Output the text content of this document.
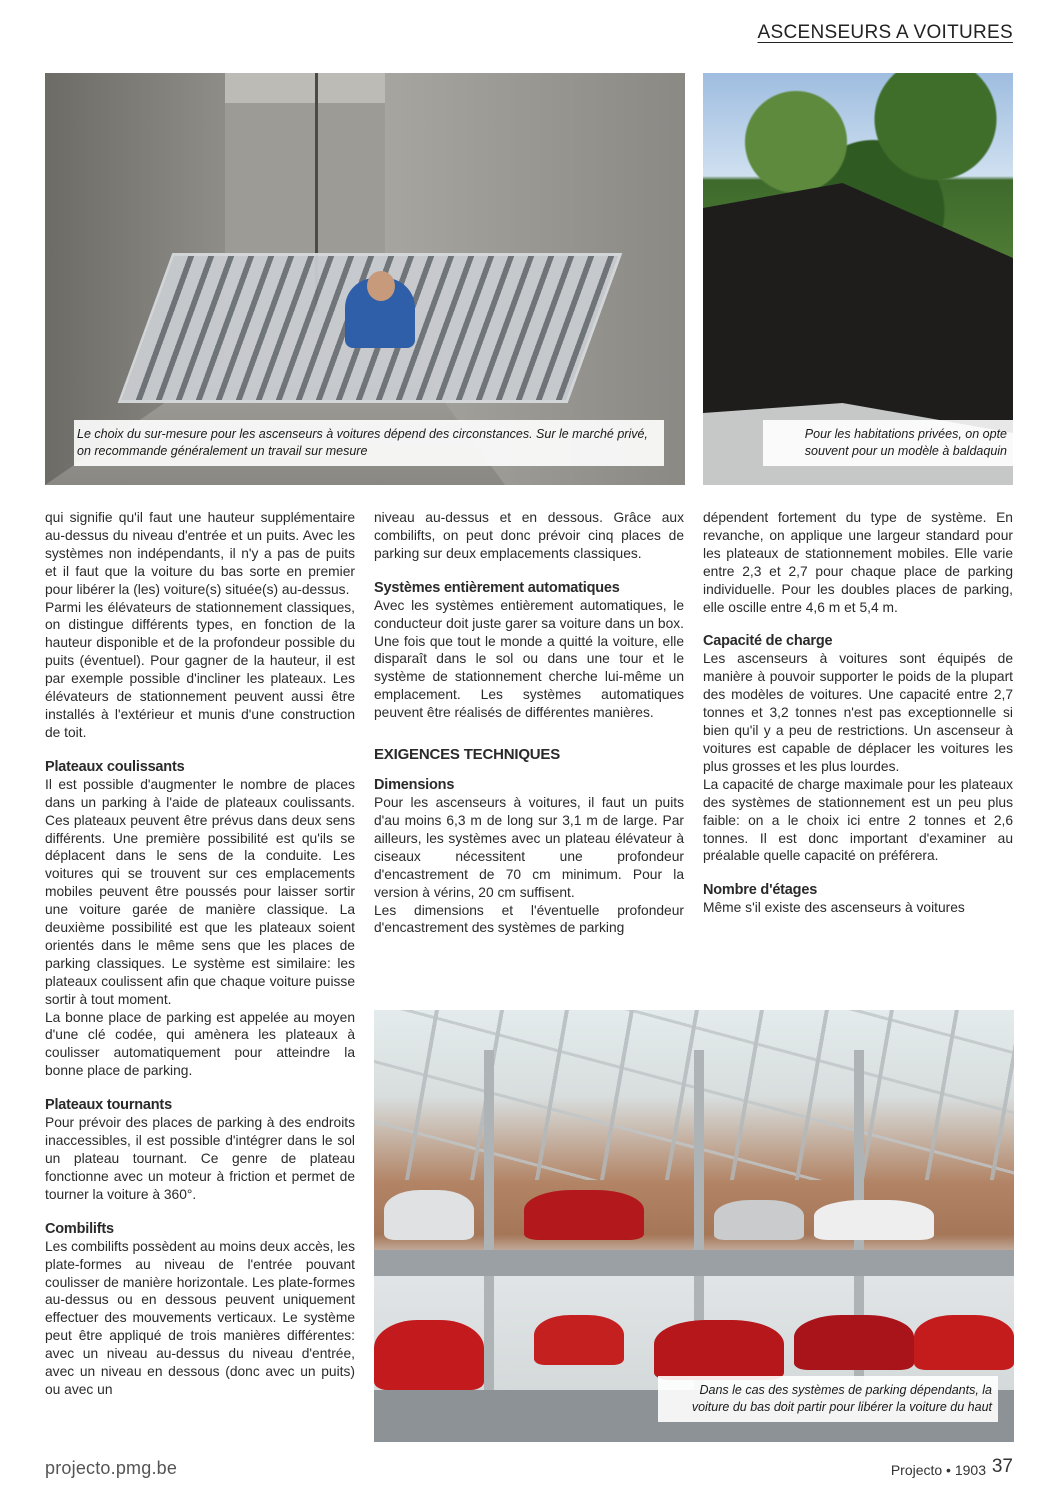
ASCENSEURS A VOITURES
Le choix du sur-mesure pour les ascenseurs à voitures dépend des circonstances. Sur le marché privé, on recommande généralement un travail sur mesure
Pour les habitations privées, on opte souvent pour un modèle à baldaquin

qui signifie qu'il faut une hauteur supplémentaire au-dessus du niveau d'entrée et un puits. Avec les systèmes non indépendants, il n'y a pas de puits et il faut que la voiture du bas sorte en premier pour libérer la (les) voiture(s) située(s) au-dessus.

Parmi les élévateurs de stationnement classiques, on distingue différents types, en fonction de la hauteur disponible et de la profondeur possible du puits (éventuel). Pour gagner de la hauteur, il est par exemple possible d'incliner les plateaux. Les élévateurs de stationnement peuvent aussi être installés à l'extérieur et munis d'une construction de toit.

Plateaux coulissants

Il est possible d'augmenter le nombre de places dans un parking à l'aide de plateaux coulissants. Ces plateaux peuvent être prévus dans deux sens différents. Une première possibilité est qu'ils se déplacent dans le sens de la conduite. Les voitures qui se trouvent sur ces emplacements mobiles peuvent être poussés pour laisser sortir une voiture garée de manière classique. La deuxième possibilité est que les plateaux soient orientés dans le même sens que les places de parking classiques. Le système est similaire: les plateaux coulissent afin que chaque voiture puisse sortir à tout moment.

La bonne place de parking est appelée au moyen d'une clé codée, qui amènera les plateaux à coulisser automatiquement pour atteindre la bonne place de parking.

Plateaux tournants

Pour prévoir des places de parking à des endroits inaccessibles, il est possible d'intégrer dans le sol un plateau tournant. Ce genre de plateau fonctionne avec un moteur à friction et permet de tourner la voiture à 360°.

Combilifts

Les combilifts possèdent au moins deux accès, les plate-formes au niveau de l'entrée pouvant coulisser de manière horizontale. Les plate-formes au-dessus ou en dessous peuvent uniquement effectuer des mouvements verticaux. Le système peut être appliqué de trois manières différentes: avec un niveau au-dessus du niveau d'entrée, avec un niveau en dessous (donc avec un puits) ou avec un

niveau au-dessus et en dessous. Grâce aux combilifts, on peut donc prévoir cinq places de parking sur deux emplacements classiques.

Systèmes entièrement automatiques

Avec les systèmes entièrement automatiques, le conducteur doit juste garer sa voiture dans un box. Une fois que tout le monde a quitté la voiture, elle disparaît dans le sol ou dans une tour et le système de stationnement cherche lui-même un emplacement. Les systèmes automatiques peuvent être réalisés de différentes manières.

EXIGENCES TECHNIQUES
Dimensions

Pour les ascenseurs à voitures, il faut un puits d'au moins 6,3 m de long sur 3,1 m de large. Par ailleurs, les systèmes avec un plateau élévateur à ciseaux nécessitent une profondeur d'encastrement de 70 cm minimum. Pour la version à vérins, 20 cm suffisent.

Les dimensions et l'éventuelle profondeur d'encastrement des systèmes de parking

dépendent fortement du type de système. En revanche, on applique une largeur standard pour les plateaux de stationnement mobiles. Elle varie entre 2,3 et 2,7 pour chaque place de parking individuelle. Pour les doubles places de parking, elle oscille entre 4,6 m et 5,4 m.

Capacité de charge

Les ascenseurs à voitures sont équipés de manière à pouvoir supporter le poids de la plupart des modèles de voitures. Une capacité entre 2,7 tonnes et 3,2 tonnes n'est pas exceptionnelle si bien qu'il y a peu de restrictions. Un ascenseur à voitures est capable de déplacer les voitures les plus grosses et les plus lourdes.

La capacité de charge maximale pour les plateaux des systèmes de stationnement est un peu plus faible: on a le choix ici entre 2 tonnes et 2,6 tonnes. Il est donc important d'examiner au préalable quelle capacité on préférera.

Nombre d'étages

Même s'il existe des ascenseurs à voitures

Dans le cas des systèmes de parking dépendants, la voiture du bas doit partir pour libérer la voiture du haut
projecto.pmg.be	Projecto • 1903 37
